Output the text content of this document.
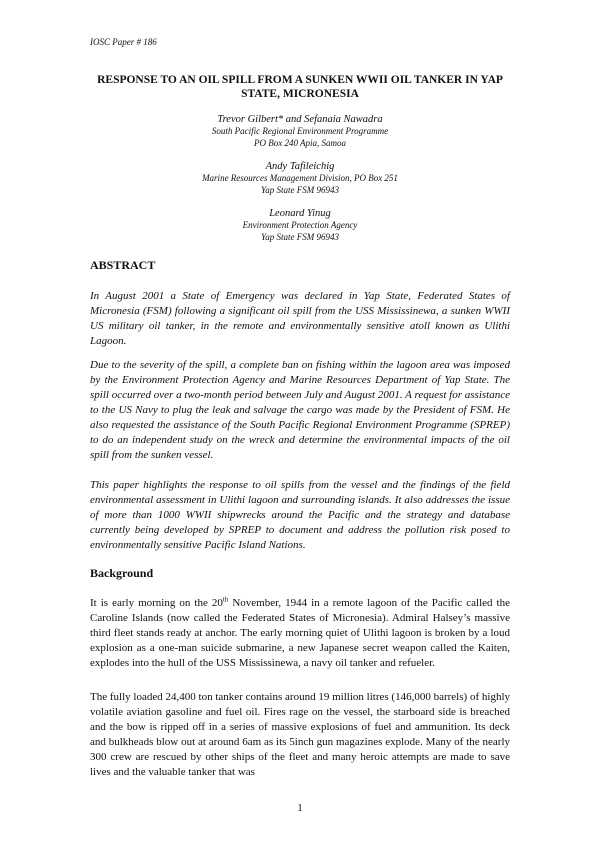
IOSC Paper # 186
RESPONSE TO AN OIL SPILL FROM A SUNKEN WWII OIL TANKER IN YAP STATE, MICRONESIA
Trevor Gilbert* and Sefanaia Nawadra
South Pacific Regional Environment Programme
PO Box 240 Apia, Samoa
Andy Tafileichig
Marine Resources Management Division, PO Box 251
Yap State FSM 96943
Leonard Yinug
Environment Protection Agency
Yap State FSM 96943
ABSTRACT

In August 2001 a State of Emergency was declared in Yap State, Federated States of Micronesia (FSM) following a significant oil spill from the USS Mississinewa, a sunken WWII US military oil tanker, in the remote and environmentally sensitive atoll known as Ulithi Lagoon.

Due to the severity of the spill, a complete ban on fishing within the lagoon area was imposed by the Environment Protection Agency and Marine Resources Department of Yap State. The spill occurred over a two-month period between July and August 2001. A request for assistance to the US Navy to plug the leak and salvage the cargo was made by the President of FSM. He also requested the assistance of the South Pacific Regional Environment Programme (SPREP) to do an independent study on the wreck and determine the environmental impacts of the oil spill from the sunken vessel.

This paper highlights the response to oil spills from the vessel and the findings of the field environmental assessment in Ulithi lagoon and surrounding islands. It also addresses the issue of more than 1000 WWII shipwrecks around the Pacific and the strategy and database currently being developed by SPREP to document and address the pollution risk posed to environmentally sensitive Pacific Island Nations.

Background

It is early morning on the 20th November, 1944 in a remote lagoon of the Pacific called the Caroline Islands (now called the Federated States of Micronesia). Admiral Halsey’s massive third fleet stands ready at anchor. The early morning quiet of Ulithi lagoon is broken by a loud explosion as a one-man suicide submarine, a new Japanese secret weapon called the Kaiten, explodes into the hull of the USS Mississinewa, a navy oil tanker and refueler.

The fully loaded 24,400 ton tanker contains around 19 million litres (146,000 barrels) of highly volatile aviation gasoline and fuel oil. Fires rage on the vessel, the starboard side is breached and the bow is ripped off in a series of massive explosions of fuel and ammunition. Its deck and bulkheads blow out at around 6am as its 5inch gun magazines explode. Many of the nearly 300 crew are rescued by other ships of the fleet and many heroic attempts are made to save lives and the valuable tanker that was

1
